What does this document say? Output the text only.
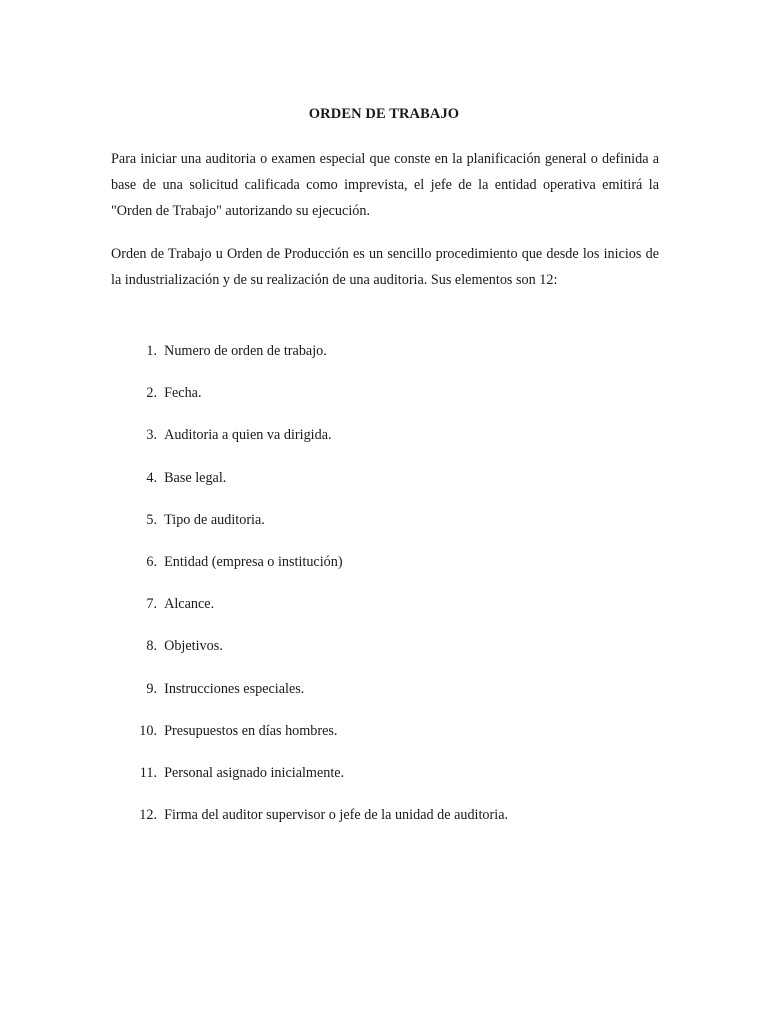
ORDEN DE TRABAJO

Para iniciar una auditoria o examen especial que conste en la planificación general o definida a base de una solicitud calificada como imprevista, el jefe de la entidad operativa emitirá la "Orden de Trabajo" autorizando su ejecución.

Orden de Trabajo u Orden de Producción es un sencillo procedimiento que desde los inicios de la industrialización y de su realización de una auditoria. Sus elementos son 12:

1. Numero de orden de trabajo.
2. Fecha.
3. Auditoria a quien va dirigida.
4. Base legal.
5. Tipo de auditoria.
6. Entidad (empresa o institución)
7. Alcance.
8. Objetivos.
9. Instrucciones especiales.
10. Presupuestos en días hombres.
11. Personal asignado inicialmente.
12. Firma del auditor supervisor o jefe de la unidad de auditoria.
